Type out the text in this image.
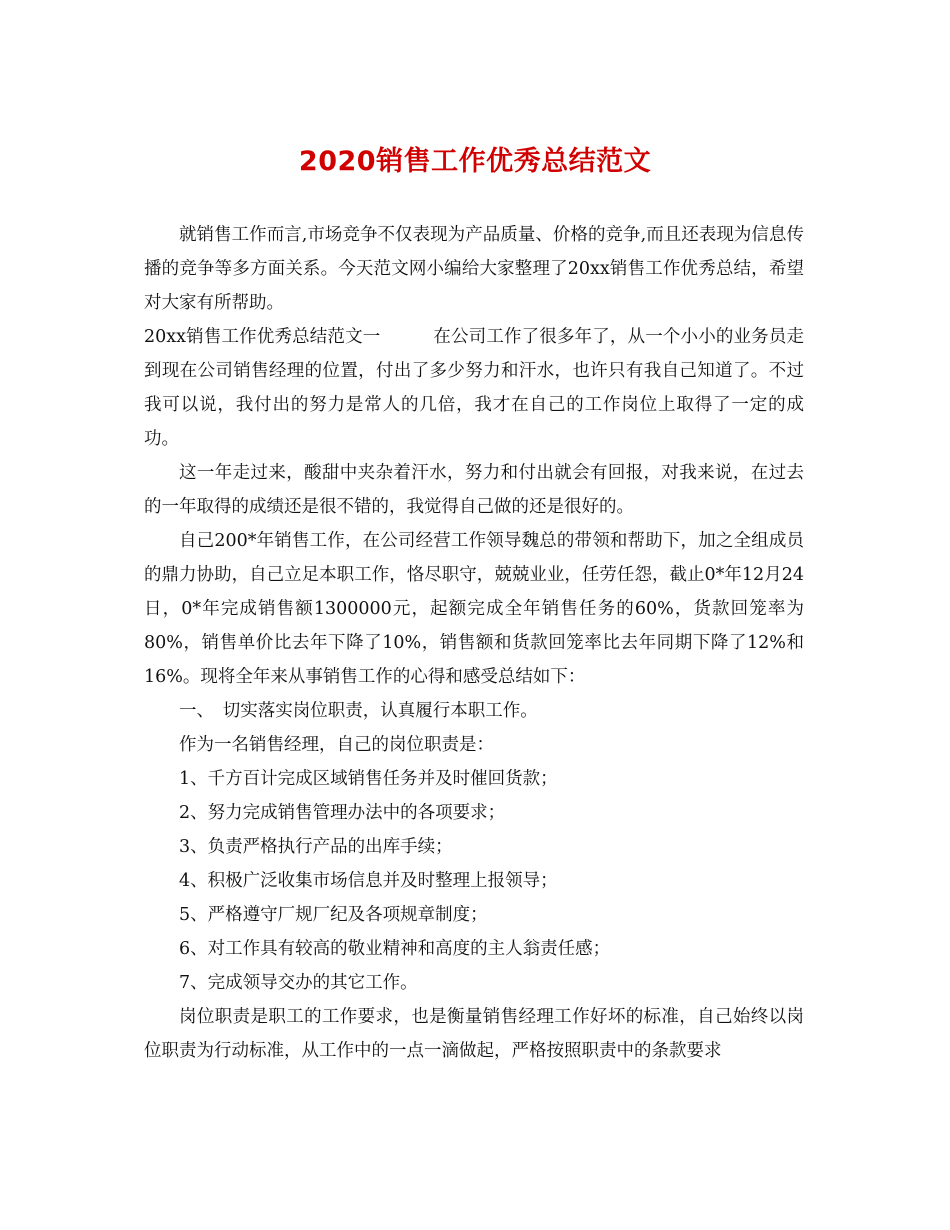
2020销售工作优秀总结范文

就销售工作而言,市场竞争不仅表现为产品质量、价格的竞争,而且还表现为信息传播的竞争等多方面关系。今天范文网小编给大家整理了20xx销售工作优秀总结，希望对大家有所帮助。

20xx销售工作优秀总结范文一　　　在公司工作了很多年了，从一个小小的业务员走到现在公司销售经理的位置，付出了多少努力和汗水，也许只有我自己知道了。不过我可以说，我付出的努力是常人的几倍，我才在自己的工作岗位上取得了一定的成功。

这一年走过来，酸甜中夹杂着汗水，努力和付出就会有回报，对我来说，在过去的一年取得的成绩还是很不错的，我觉得自己做的还是很好的。

自己200*年销售工作，在公司经营工作领导魏总的带领和帮助下，加之全组成员的鼎力协助，自己立足本职工作，恪尽职守，兢兢业业，任劳任怨，截止0*年12月24日，0*年完成销售额1300000元，起额完成全年销售任务的60%，货款回笼率为80%，销售单价比去年下降了10%，销售额和货款回笼率比去年同期下降了12%和16%。现将全年来从事销售工作的心得和感受总结如下：

一、　切实落实岗位职责，认真履行本职工作。

作为一名销售经理，自己的岗位职责是：

1、千方百计完成区域销售任务并及时催回货款；

2、努力完成销售管理办法中的各项要求；

3、负责严格执行产品的出库手续；

4、积极广泛收集市场信息并及时整理上报领导；

5、严格遵守厂规厂纪及各项规章制度；

6、对工作具有较高的敬业精神和高度的主人翁责任感；

7、完成领导交办的其它工作。

岗位职责是职工的工作要求，也是衡量销售经理工作好坏的标准，自己始终以岗位职责为行动标准，从工作中的一点一滴做起，严格按照职责中的条款要求
